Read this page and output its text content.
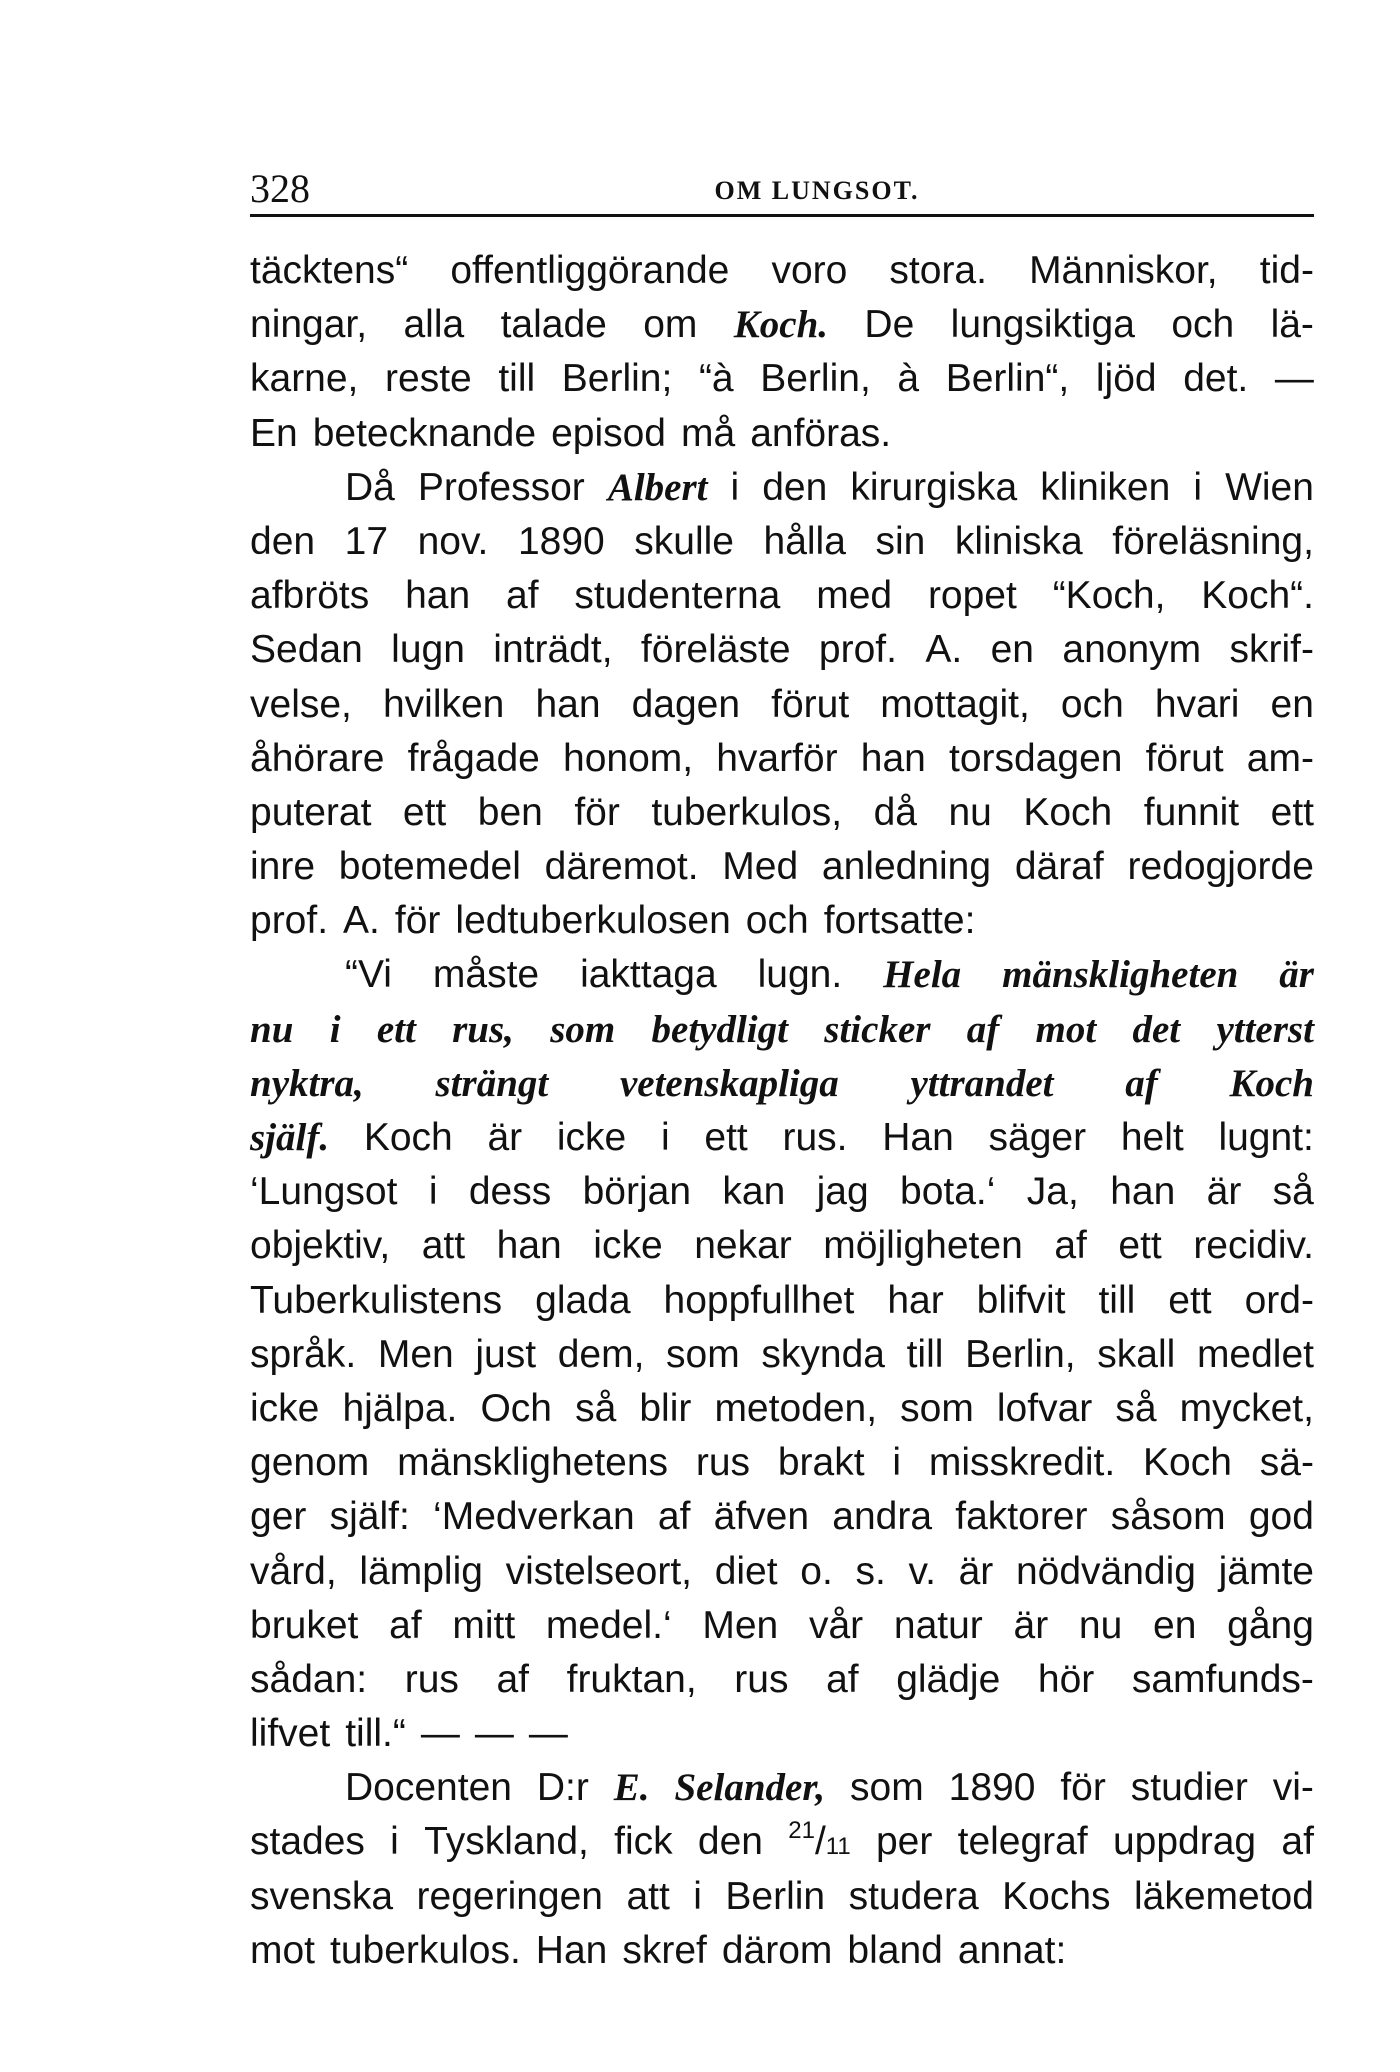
328	OM LUNGSOT.
täcktens“ offentliggörande voro stora. Människor, tid-
ningar, alla talade om Koch. De lungsiktiga och lä-
karne, reste till Berlin; “à Berlin, à Berlin“, ljöd det. —
En betecknande episod må anföras.
Då Professor Albert i den kirurgiska kliniken i Wien
den 17 nov. 1890 skulle hålla sin kliniska föreläsning,
afbröts han af studenterna med ropet “Koch, Koch“.
Sedan lugn inträdt, föreläste prof. A. en anonym skrif-
velse, hvilken han dagen förut mottagit, och hvari en
åhörare frågade honom, hvarför han torsdagen förut am-
puterat ett ben för tuberkulos, då nu Koch funnit ett
inre botemedel däremot. Med anledning däraf redogjorde
prof. A. för ledtuberkulosen och fortsatte:
“Vi måste iakttaga lugn. Hela mänskligheten är
nu i ett rus, som betydligt sticker af mot det ytterst
nyktra, strängt vetenskapliga yttrandet af Koch
själf. Koch är icke i ett rus. Han säger helt lugnt:
‘Lungsot i dess början kan jag bota.‘ Ja, han är så
objektiv, att han icke nekar möjligheten af ett recidiv.
Tuberkulistens glada hoppfullhet har blifvit till ett ord-
språk. Men just dem, som skynda till Berlin, skall medlet
icke hjälpa. Och så blir metoden, som lofvar så mycket,
genom mänsklighetens rus brakt i misskredit. Koch sä-
ger själf: ‘Medverkan af äfven andra faktorer såsom god
vård, lämplig vistelseort, diet o. s. v. är nödvändig jämte
bruket af mitt medel.‘ Men vår natur är nu en gång
sådan: rus af fruktan, rus af glädje hör samfunds-
lifvet till.“ — — —
Docenten D:r E. Selander, som 1890 för studier vi-
stades i Tyskland, fick den $^{21}$/11 per telegraf uppdrag af
svenska regeringen att i Berlin studera Kochs läkemetod
mot tuberkulos. Han skref därom bland annat:
